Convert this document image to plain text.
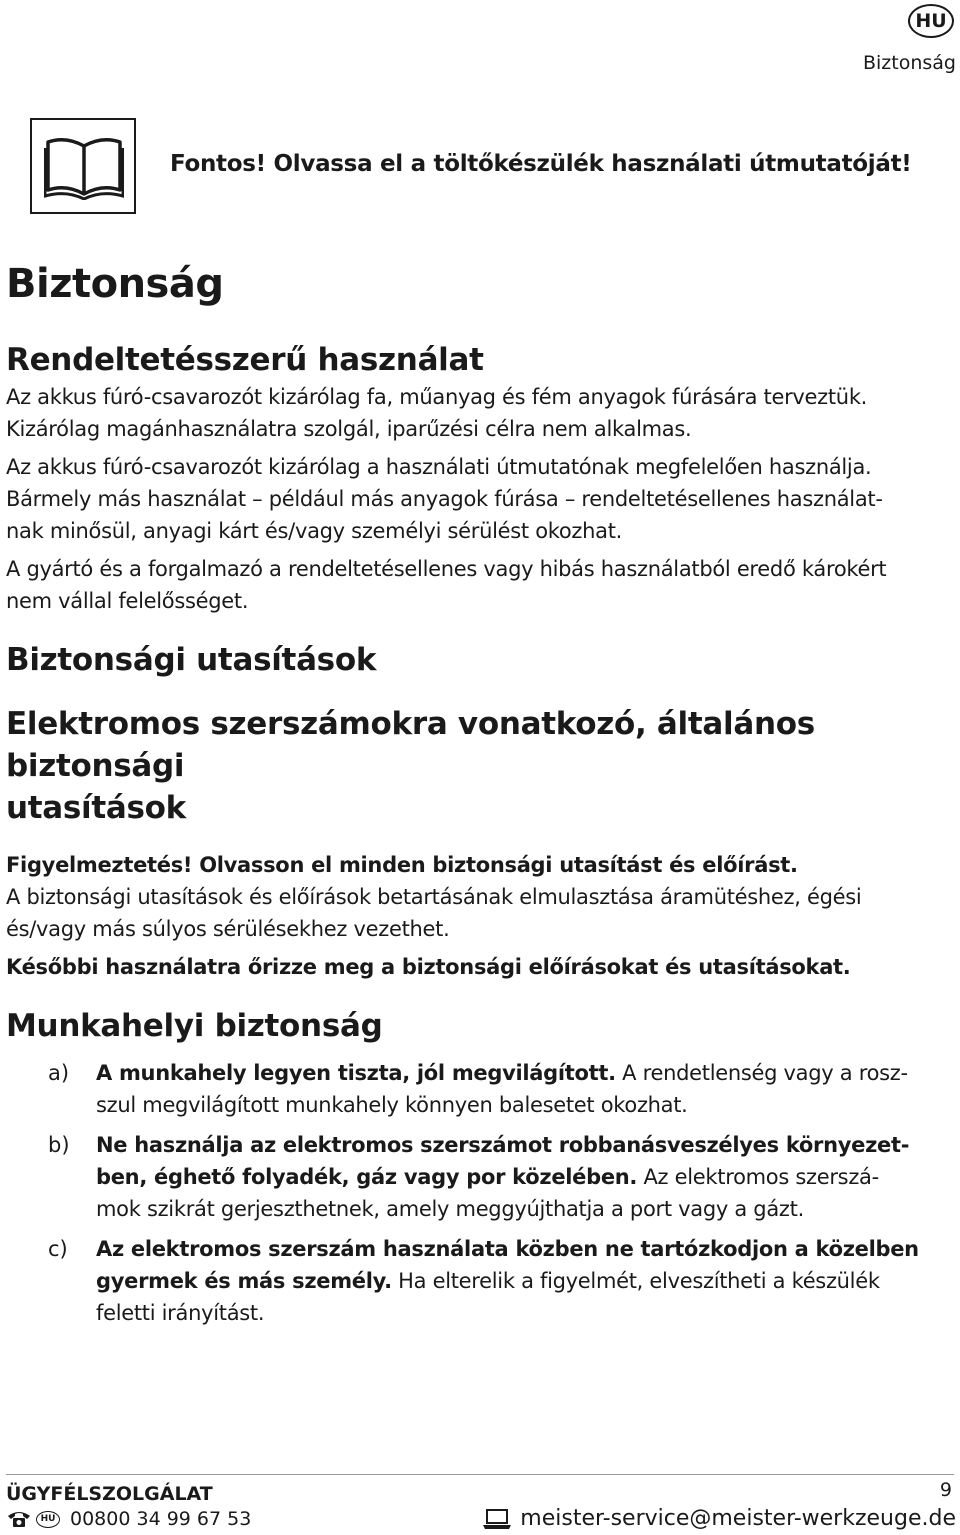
HU
Biztonság
Fontos! Olvassa el a töltőkészülék használati útmutatóját!
Biztonság
Rendeltetésszerű használat

Az akkus fúró-csavarozót kizárólag fa, műanyag és fém anyagok fúrására terveztük.

Kizárólag magánhasználatra szolgál, iparűzési célra nem alkalmas.

Az akkus fúró-csavarozót kizárólag a használati útmutatónak megfelelően használja.

Bármely más használat – például más anyagok fúrása – rendeltetésellenes használat-

nak minősül, anyagi kárt és/vagy személyi sérülést okozhat.

A gyártó és a forgalmazó a rendeltetésellenes vagy hibás használatból eredő károkért

nem vállal felelősséget.

Biztonsági utasítások
Elektromos szerszámokra vonatkozó, általános biztonsági
utasítások
Figyelmeztetés! Olvasson el minden biztonsági utasítást és előírást.

A biztonsági utasítások és előírások betartásának elmulasztása áramütéshez, égési

és/vagy más súlyos sérülésekhez vezethet.

Későbbi használatra őrizze meg a biztonsági előírásokat és utasításokat.
Munkahelyi biztonság
a)	A munkahely legyen tiszta, jól megvilágított. A rendetlenség vagy a rosz-
szul megvilágított munkahely könnyen balesetet okozhat.
b)	Ne használja az elektromos szerszámot robbanásveszélyes környezet-
ben, éghető folyadék, gáz vagy por közelében. Az elektromos szerszá-
mok szikrát gerjeszthetnek, amely meggyújthatja a port vagy a gázt.
c)	Az elektromos szerszám használata közben ne tartózkodjon a közelben
gyermek és más személy. Ha elterelik a figyelmét, elveszítheti a készülék
feletti irányítást.
ÜGYFÉLSZOLGÁLAT	9
HU 00800 34 99 67 53	meister-service@meister-werkzeuge.de
